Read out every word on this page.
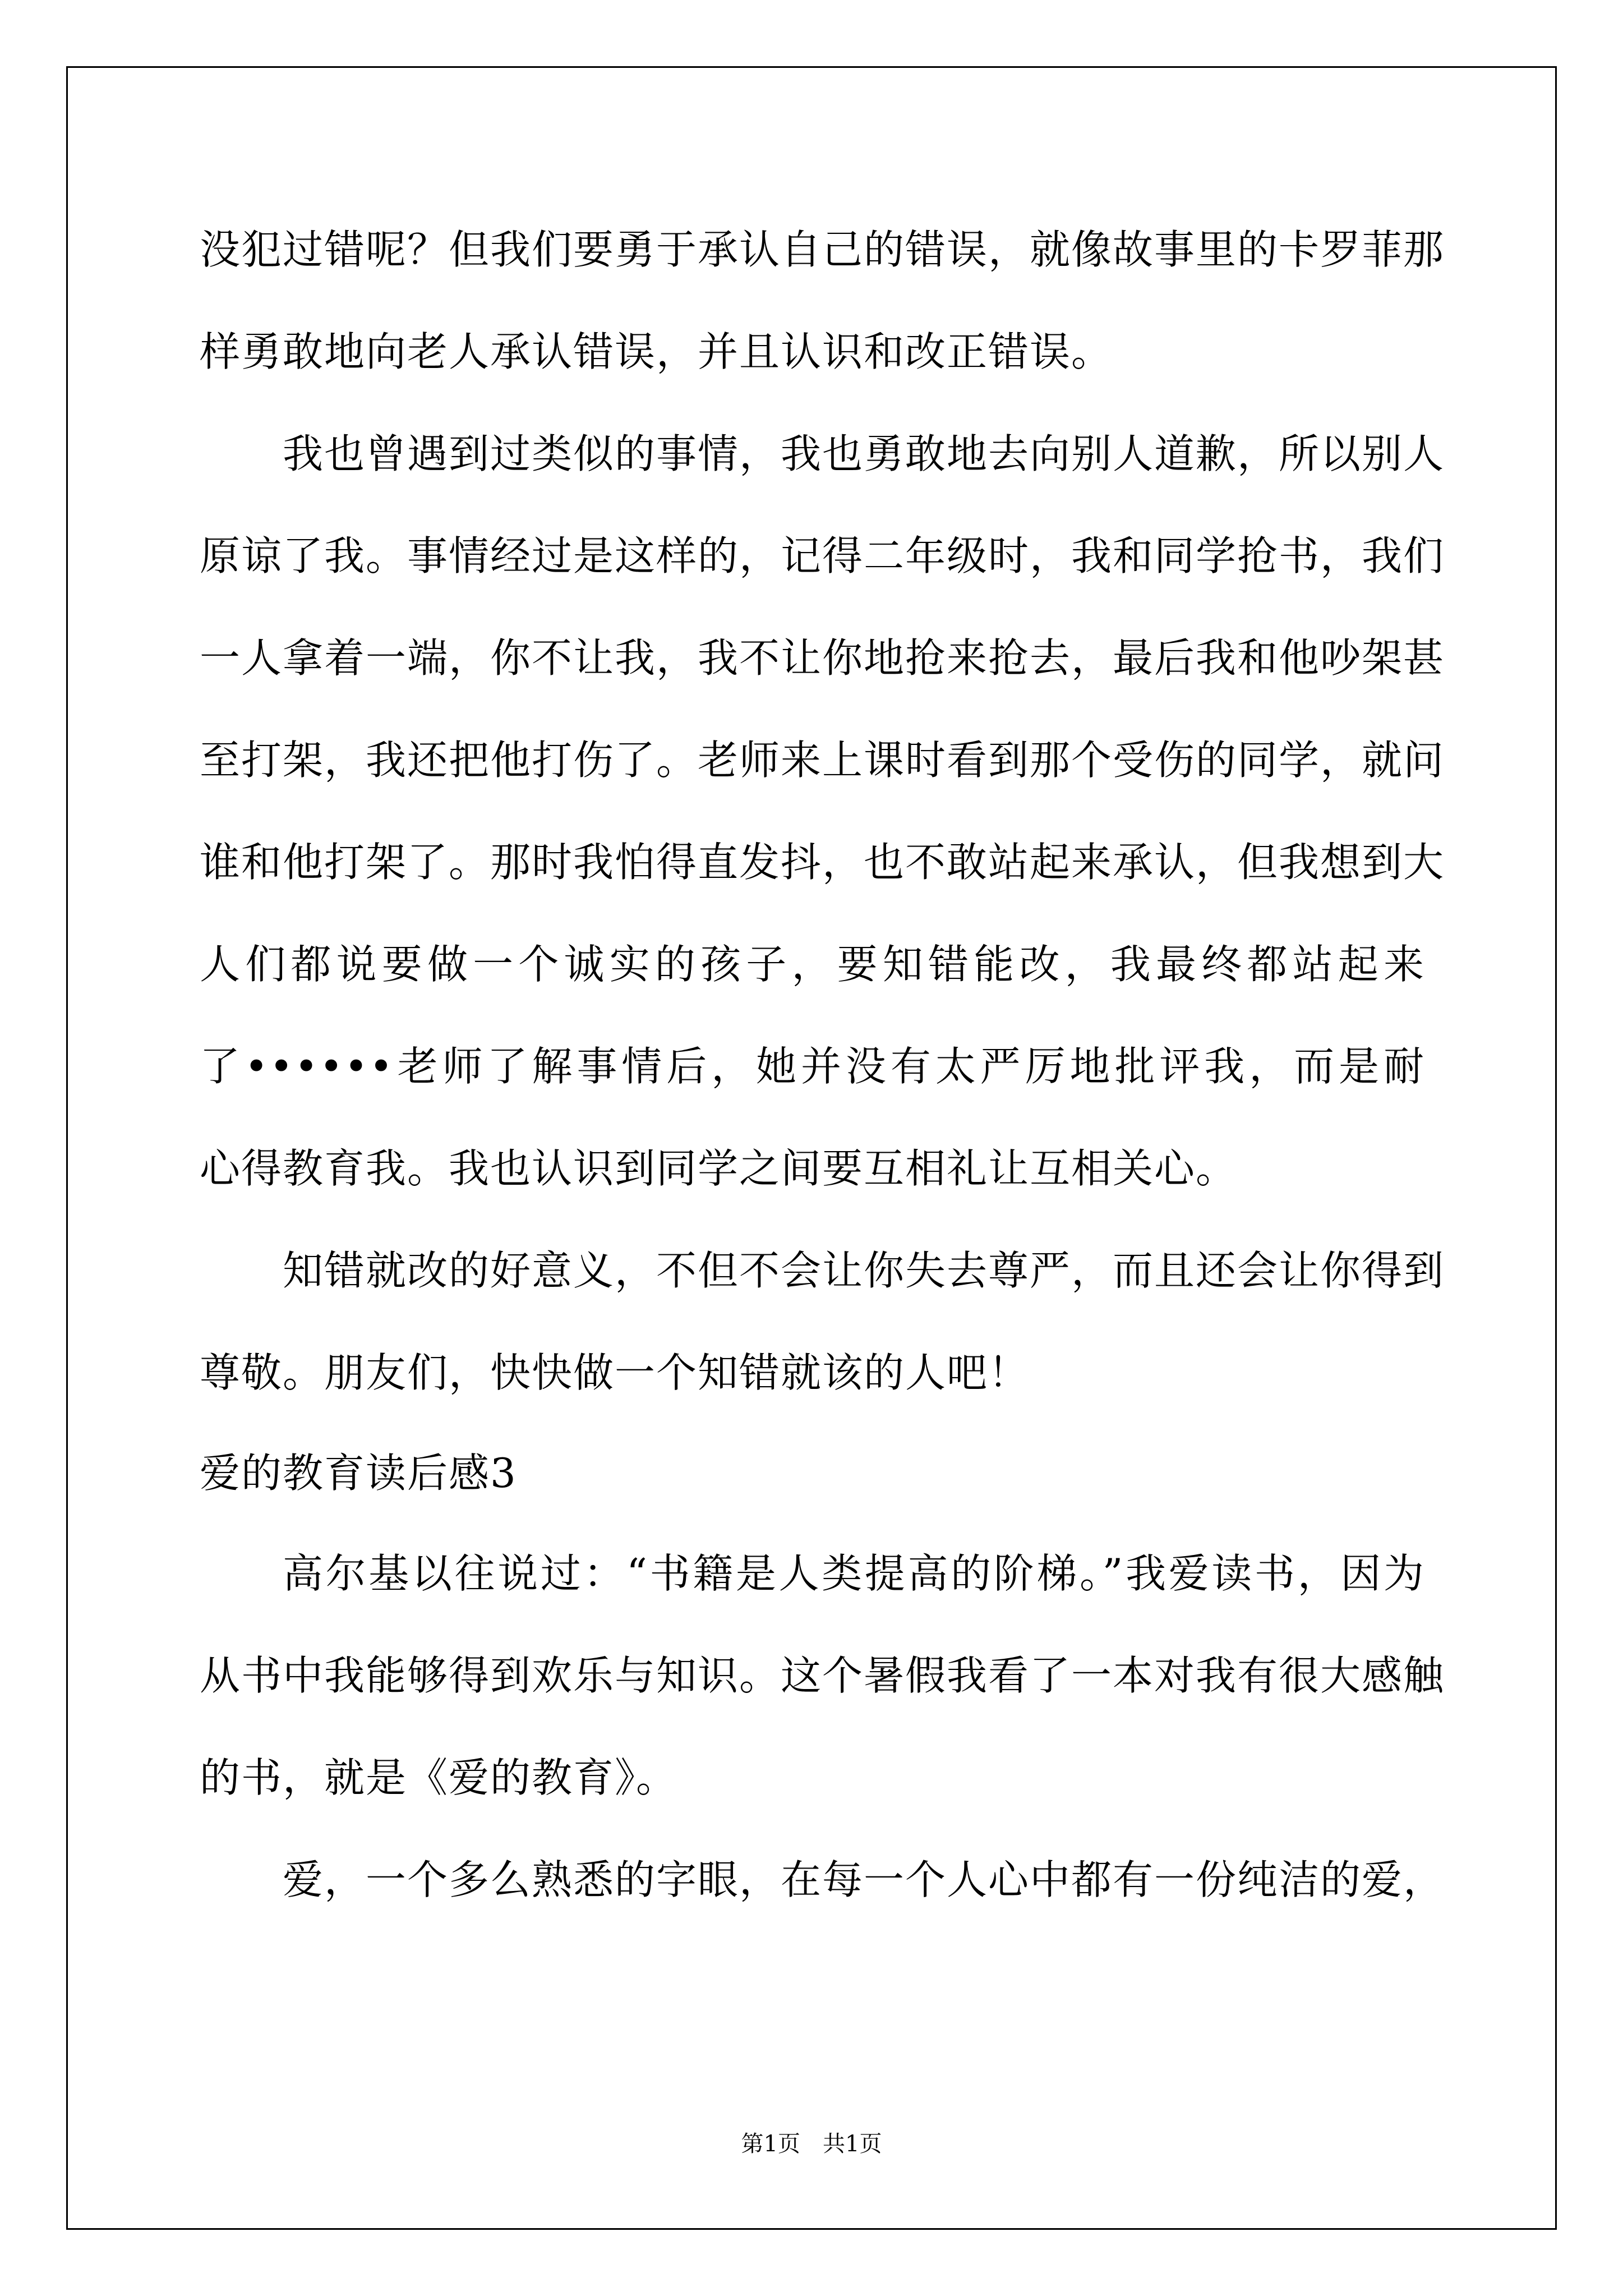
没犯过错呢？但我们要勇于承认自己的错误，就像故事里的卡罗菲那
样勇敢地向老人承认错误，并且认识和改正错误。
我也曾遇到过类似的事情，我也勇敢地去向别人道歉，所以别人
原谅了我。事情经过是这样的，记得二年级时，我和同学抢书，我们
一人拿着一端，你不让我，我不让你地抢来抢去，最后我和他吵架甚
至打架，我还把他打伤了。老师来上课时看到那个受伤的同学，就问
谁和他打架了。那时我怕得直发抖，也不敢站起来承认，但我想到大
人们都说要做一个诚实的孩子，要知错能改，我最终都站起来
了••••••老师了解事情后，她并没有太严厉地批评我，而是耐
心得教育我。我也认识到同学之间要互相礼让互相关心。
知错就改的好意义，不但不会让你失去尊严，而且还会让你得到
尊敬。朋友们，快快做一个知错就该的人吧！
爱的教育读后感3
高尔基以往说过：“书籍是人类提高的阶梯。”我爱读书，因为
从书中我能够得到欢乐与知识。这个暑假我看了一本对我有很大感触
的书，就是《爱的教育》。
爱，一个多么熟悉的字眼，在每一个人心中都有一份纯洁的爱，
第1页　共1页
